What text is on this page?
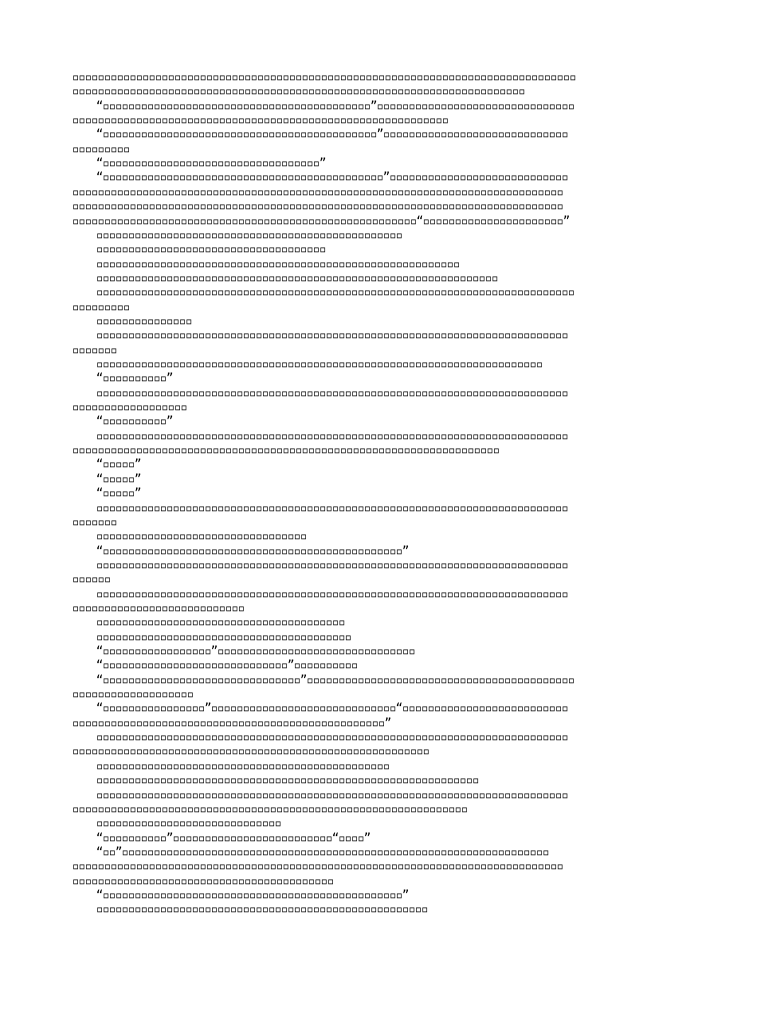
▫▫▫▫▫▫▫▫▫▫▫▫▫▫▫▫▫▫▫▫▫▫▫▫▫▫▫▫▫▫▫▫▫▫▫▫▫▫▫▫▫▫▫▫▫▫▫▫▫▫▫▫▫▫▫▫▫▫▫▫▫▫▫▫▫▫▫▫▫▫▫▫▫▫▫▫▫▫▫
▫▫▫▫▫▫▫▫▫▫▫▫▫▫▫▫▫▫▫▫▫▫▫▫▫▫▫▫▫▫▫▫▫▫▫▫▫▫▫▫▫▫▫▫▫▫▫▫▫▫▫▫▫▫▫▫▫▫▫▫▫▫▫▫▫▫▫▫▫▫▫
“▫▫▫▫▫▫▫▫▫▫▫▫▫▫▫▫▫▫▫▫▫▫▫▫▫▫▫▫▫▫▫▫▫▫▫▫▫▫▫▫▫▫”▫▫▫▫▫▫▫▫▫▫▫▫▫▫▫▫▫▫▫▫▫▫▫▫▫▫▫▫▫▫▫
▫▫▫▫▫▫▫▫▫▫▫▫▫▫▫▫▫▫▫▫▫▫▫▫▫▫▫▫▫▫▫▫▫▫▫▫▫▫▫▫▫▫▫▫▫▫▫▫▫▫▫▫▫▫▫▫▫▫▫
“▫▫▫▫▫▫▫▫▫▫▫▫▫▫▫▫▫▫▫▫▫▫▫▫▫▫▫▫▫▫▫▫▫▫▫▫▫▫▫▫▫▫▫”▫▫▫▫▫▫▫▫▫▫▫▫▫▫▫▫▫▫▫▫▫▫▫▫▫▫▫▫▫
▫▫▫▫▫▫▫▫▫
“▫▫▫▫▫▫▫▫▫▫▫▫▫▫▫▫▫▫▫▫▫▫▫▫▫▫▫▫▫▫▫▫▫▫”
“▫▫▫▫▫▫▫▫▫▫▫▫▫▫▫▫▫▫▫▫▫▫▫▫▫▫▫▫▫▫▫▫▫▫▫▫▫▫▫▫▫▫▫▫”▫▫▫▫▫▫▫▫▫▫▫▫▫▫▫▫▫▫▫▫▫▫▫▫▫▫▫▫
▫▫▫▫▫▫▫▫▫▫▫▫▫▫▫▫▫▫▫▫▫▫▫▫▫▫▫▫▫▫▫▫▫▫▫▫▫▫▫▫▫▫▫▫▫▫▫▫▫▫▫▫▫▫▫▫▫▫▫▫▫▫▫▫▫▫▫▫▫▫▫▫▫▫▫▫▫
▫▫▫▫▫▫▫▫▫▫▫▫▫▫▫▫▫▫▫▫▫▫▫▫▫▫▫▫▫▫▫▫▫▫▫▫▫▫▫▫▫▫▫▫▫▫▫▫▫▫▫▫▫▫▫▫▫▫▫▫▫▫▫▫▫▫▫▫▫▫▫▫▫▫▫▫▫
▫▫▫▫▫▫▫▫▫▫▫▫▫▫▫▫▫▫▫▫▫▫▫▫▫▫▫▫▫▫▫▫▫▫▫▫▫▫▫▫▫▫▫▫▫▫▫▫▫▫▫▫▫▫“▫▫▫▫▫▫▫▫▫▫▫▫▫▫▫▫▫▫▫▫▫▫”
▫▫▫▫▫▫▫▫▫▫▫▫▫▫▫▫▫▫▫▫▫▫▫▫▫▫▫▫▫▫▫▫▫▫▫▫▫▫▫▫▫▫▫▫▫▫▫▫
▫▫▫▫▫▫▫▫▫▫▫▫▫▫▫▫▫▫▫▫▫▫▫▫▫▫▫▫▫▫▫▫▫▫▫▫
▫▫▫▫▫▫▫▫▫▫▫▫▫▫▫▫▫▫▫▫▫▫▫▫▫▫▫▫▫▫▫▫▫▫▫▫▫▫▫▫▫▫▫▫▫▫▫▫▫▫▫▫▫▫▫▫▫
▫▫▫▫▫▫▫▫▫▫▫▫▫▫▫▫▫▫▫▫▫▫▫▫▫▫▫▫▫▫▫▫▫▫▫▫▫▫▫▫▫▫▫▫▫▫▫▫▫▫▫▫▫▫▫▫▫▫▫▫▫▫▫
▫▫▫▫▫▫▫▫▫▫▫▫▫▫▫▫▫▫▫▫▫▫▫▫▫▫▫▫▫▫▫▫▫▫▫▫▫▫▫▫▫▫▫▫▫▫▫▫▫▫▫▫▫▫▫▫▫▫▫▫▫▫▫▫▫▫▫▫▫▫▫▫▫▫▫
▫▫▫▫▫▫▫▫▫
▫▫▫▫▫▫▫▫▫▫▫▫▫▫▫
▫▫▫▫▫▫▫▫▫▫▫▫▫▫▫▫▫▫▫▫▫▫▫▫▫▫▫▫▫▫▫▫▫▫▫▫▫▫▫▫▫▫▫▫▫▫▫▫▫▫▫▫▫▫▫▫▫▫▫▫▫▫▫▫▫▫▫▫▫▫▫▫▫▫
▫▫▫▫▫▫▫
▫▫▫▫▫▫▫▫▫▫▫▫▫▫▫▫▫▫▫▫▫▫▫▫▫▫▫▫▫▫▫▫▫▫▫▫▫▫▫▫▫▫▫▫▫▫▫▫▫▫▫▫▫▫▫▫▫▫▫▫▫▫▫▫▫▫▫▫▫▫
“▫▫▫▫▫▫▫▫▫▫”
▫▫▫▫▫▫▫▫▫▫▫▫▫▫▫▫▫▫▫▫▫▫▫▫▫▫▫▫▫▫▫▫▫▫▫▫▫▫▫▫▫▫▫▫▫▫▫▫▫▫▫▫▫▫▫▫▫▫▫▫▫▫▫▫▫▫▫▫▫▫▫▫▫▫
▫▫▫▫▫▫▫▫▫▫▫▫▫▫▫▫▫▫
“▫▫▫▫▫▫▫▫▫▫”
▫▫▫▫▫▫▫▫▫▫▫▫▫▫▫▫▫▫▫▫▫▫▫▫▫▫▫▫▫▫▫▫▫▫▫▫▫▫▫▫▫▫▫▫▫▫▫▫▫▫▫▫▫▫▫▫▫▫▫▫▫▫▫▫▫▫▫▫▫▫▫▫▫▫
▫▫▫▫▫▫▫▫▫▫▫▫▫▫▫▫▫▫▫▫▫▫▫▫▫▫▫▫▫▫▫▫▫▫▫▫▫▫▫▫▫▫▫▫▫▫▫▫▫▫▫▫▫▫▫▫▫▫▫▫▫▫▫▫▫▫▫
“▫▫▫▫▫”
“▫▫▫▫▫”
“▫▫▫▫▫”
▫▫▫▫▫▫▫▫▫▫▫▫▫▫▫▫▫▫▫▫▫▫▫▫▫▫▫▫▫▫▫▫▫▫▫▫▫▫▫▫▫▫▫▫▫▫▫▫▫▫▫▫▫▫▫▫▫▫▫▫▫▫▫▫▫▫▫▫▫▫▫▫▫▫
▫▫▫▫▫▫▫
▫▫▫▫▫▫▫▫▫▫▫▫▫▫▫▫▫▫▫▫▫▫▫▫▫▫▫▫▫▫▫▫▫
“▫▫▫▫▫▫▫▫▫▫▫▫▫▫▫▫▫▫▫▫▫▫▫▫▫▫▫▫▫▫▫▫▫▫▫▫▫▫▫▫▫▫▫▫▫▫▫”
▫▫▫▫▫▫▫▫▫▫▫▫▫▫▫▫▫▫▫▫▫▫▫▫▫▫▫▫▫▫▫▫▫▫▫▫▫▫▫▫▫▫▫▫▫▫▫▫▫▫▫▫▫▫▫▫▫▫▫▫▫▫▫▫▫▫▫▫▫▫▫▫▫▫
▫▫▫▫▫▫
▫▫▫▫▫▫▫▫▫▫▫▫▫▫▫▫▫▫▫▫▫▫▫▫▫▫▫▫▫▫▫▫▫▫▫▫▫▫▫▫▫▫▫▫▫▫▫▫▫▫▫▫▫▫▫▫▫▫▫▫▫▫▫▫▫▫▫▫▫▫▫▫▫▫
▫▫▫▫▫▫▫▫▫▫▫▫▫▫▫▫▫▫▫▫▫▫▫▫▫▫▫
▫▫▫▫▫▫▫▫▫▫▫▫▫▫▫▫▫▫▫▫▫▫▫▫▫▫▫▫▫▫▫▫▫▫▫▫▫▫▫
▫▫▫▫▫▫▫▫▫▫▫▫▫▫▫▫▫▫▫▫▫▫▫▫▫▫▫▫▫▫▫▫▫▫▫▫▫▫▫▫
“▫▫▫▫▫▫▫▫▫▫▫▫▫▫▫▫▫”▫▫▫▫▫▫▫▫▫▫▫▫▫▫▫▫▫▫▫▫▫▫▫▫▫▫▫▫▫▫▫
“▫▫▫▫▫▫▫▫▫▫▫▫▫▫▫▫▫▫▫▫▫▫▫▫▫▫▫▫▫”▫▫▫▫▫▫▫▫▫▫
“▫▫▫▫▫▫▫▫▫▫▫▫▫▫▫▫▫▫▫▫▫▫▫▫▫▫▫▫▫▫▫”▫▫▫▫▫▫▫▫▫▫▫▫▫▫▫▫▫▫▫▫▫▫▫▫▫▫▫▫▫▫▫▫▫▫▫▫▫▫▫▫▫▫
▫▫▫▫▫▫▫▫▫▫▫▫▫▫▫▫▫▫▫
“▫▫▫▫▫▫▫▫▫▫▫▫▫▫▫▫”▫▫▫▫▫▫▫▫▫▫▫▫▫▫▫▫▫▫▫▫▫▫▫▫▫▫▫▫▫“▫▫▫▫▫▫▫▫▫▫▫▫▫▫▫▫▫▫▫▫▫▫▫▫▫▫
▫▫▫▫▫▫▫▫▫▫▫▫▫▫▫▫▫▫▫▫▫▫▫▫▫▫▫▫▫▫▫▫▫▫▫▫▫▫▫▫▫▫▫▫▫▫▫▫▫”
▫▫▫▫▫▫▫▫▫▫▫▫▫▫▫▫▫▫▫▫▫▫▫▫▫▫▫▫▫▫▫▫▫▫▫▫▫▫▫▫▫▫▫▫▫▫▫▫▫▫▫▫▫▫▫▫▫▫▫▫▫▫▫▫▫▫▫▫▫▫▫▫▫▫
▫▫▫▫▫▫▫▫▫▫▫▫▫▫▫▫▫▫▫▫▫▫▫▫▫▫▫▫▫▫▫▫▫▫▫▫▫▫▫▫▫▫▫▫▫▫▫▫▫▫▫▫▫▫▫▫
▫▫▫▫▫▫▫▫▫▫▫▫▫▫▫▫▫▫▫▫▫▫▫▫▫▫▫▫▫▫▫▫▫▫▫▫▫▫▫▫▫▫▫▫▫▫
▫▫▫▫▫▫▫▫▫▫▫▫▫▫▫▫▫▫▫▫▫▫▫▫▫▫▫▫▫▫▫▫▫▫▫▫▫▫▫▫▫▫▫▫▫▫▫▫▫▫▫▫▫▫▫▫▫▫▫▫
▫▫▫▫▫▫▫▫▫▫▫▫▫▫▫▫▫▫▫▫▫▫▫▫▫▫▫▫▫▫▫▫▫▫▫▫▫▫▫▫▫▫▫▫▫▫▫▫▫▫▫▫▫▫▫▫▫▫▫▫▫▫▫▫▫▫▫▫▫▫▫▫▫▫
▫▫▫▫▫▫▫▫▫▫▫▫▫▫▫▫▫▫▫▫▫▫▫▫▫▫▫▫▫▫▫▫▫▫▫▫▫▫▫▫▫▫▫▫▫▫▫▫▫▫▫▫▫▫▫▫▫▫▫▫▫▫
▫▫▫▫▫▫▫▫▫▫▫▫▫▫▫▫▫▫▫▫▫▫▫▫▫▫▫▫▫
“▫▫▫▫▫▫▫▫▫▫”▫▫▫▫▫▫▫▫▫▫▫▫▫▫▫▫▫▫▫▫▫▫▫▫▫“▫▫▫▫”
“▫▫”▫▫▫▫▫▫▫▫▫▫▫▫▫▫▫▫▫▫▫▫▫▫▫▫▫▫▫▫▫▫▫▫▫▫▫▫▫▫▫▫▫▫▫▫▫▫▫▫▫▫▫▫▫▫▫▫▫▫▫▫▫▫▫▫▫▫▫
▫▫▫▫▫▫▫▫▫▫▫▫▫▫▫▫▫▫▫▫▫▫▫▫▫▫▫▫▫▫▫▫▫▫▫▫▫▫▫▫▫▫▫▫▫▫▫▫▫▫▫▫▫▫▫▫▫▫▫▫▫▫▫▫▫▫▫▫▫▫▫▫▫▫▫▫▫
▫▫▫▫▫▫▫▫▫▫▫▫▫▫▫▫▫▫▫▫▫▫▫▫▫▫▫▫▫▫▫▫▫▫▫▫▫▫▫▫▫
“▫▫▫▫▫▫▫▫▫▫▫▫▫▫▫▫▫▫▫▫▫▫▫▫▫▫▫▫▫▫▫▫▫▫▫▫▫▫▫▫▫▫▫▫▫▫▫”
▫▫▫▫▫▫▫▫▫▫▫▫▫▫▫▫▫▫▫▫▫▫▫▫▫▫▫▫▫▫▫▫▫▫▫▫▫▫▫▫▫▫▫▫▫▫▫▫▫▫▫▫
